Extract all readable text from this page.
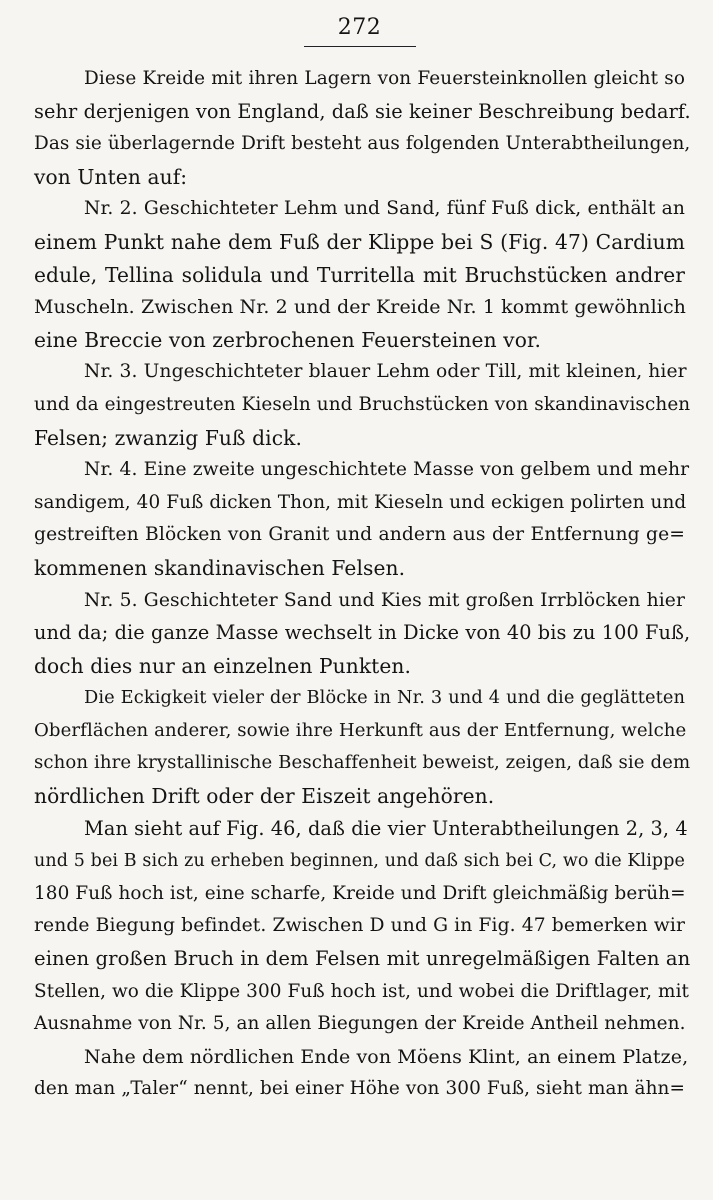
272
Diese Kreide mit ihren Lagern von Feuersteinknollen gleicht so
sehr derjenigen von England, daß sie keiner Beschreibung bedarf.
Das sie überlagernde Drift besteht aus folgenden Unterabtheilungen,
von Unten auf:
Nr. 2. Geschichteter Lehm und Sand, fünf Fuß dick, enthält an
einem Punkt nahe dem Fuß der Klippe bei S (Fig. 47) Cardium
edule, Tellina solidula und Turritella mit Bruchstücken andrer
Muscheln. Zwischen Nr. 2 und der Kreide Nr. 1 kommt gewöhnlich
eine Breccie von zerbrochenen Feuersteinen vor.
Nr. 3. Ungeschichteter blauer Lehm oder Till, mit kleinen, hier
und da eingestreuten Kieseln und Bruchstücken von skandinavischen
Felsen; zwanzig Fuß dick.
Nr. 4. Eine zweite ungeschichtete Masse von gelbem und mehr
sandigem, 40 Fuß dicken Thon, mit Kieseln und eckigen polirten und
gestreiften Blöcken von Granit und andern aus der Entfernung ge=
kommenen skandinavischen Felsen.
Nr. 5. Geschichteter Sand und Kies mit großen Irrblöcken hier
und da; die ganze Masse wechselt in Dicke von 40 bis zu 100 Fuß,
doch dies nur an einzelnen Punkten.
Die Eckigkeit vieler der Blöcke in Nr. 3 und 4 und die geglätteten
Oberflächen anderer, sowie ihre Herkunft aus der Entfernung, welche
schon ihre krystallinische Beschaffenheit beweist, zeigen, daß sie dem
nördlichen Drift oder der Eiszeit angehören.
Man sieht auf Fig. 46, daß die vier Unterabtheilungen 2, 3, 4
und 5 bei B sich zu erheben beginnen, und daß sich bei C, wo die Klippe
180 Fuß hoch ist, eine scharfe, Kreide und Drift gleichmäßig berüh=
rende Biegung befindet. Zwischen D und G in Fig. 47 bemerken wir
einen großen Bruch in dem Felsen mit unregelmäßigen Falten an
Stellen, wo die Klippe 300 Fuß hoch ist, und wobei die Driftlager, mit
Ausnahme von Nr. 5, an allen Biegungen der Kreide Antheil nehmen.
Nahe dem nördlichen Ende von Möens Klint, an einem Platze,
den man „Taler“ nennt, bei einer Höhe von 300 Fuß, sieht man ähn=
